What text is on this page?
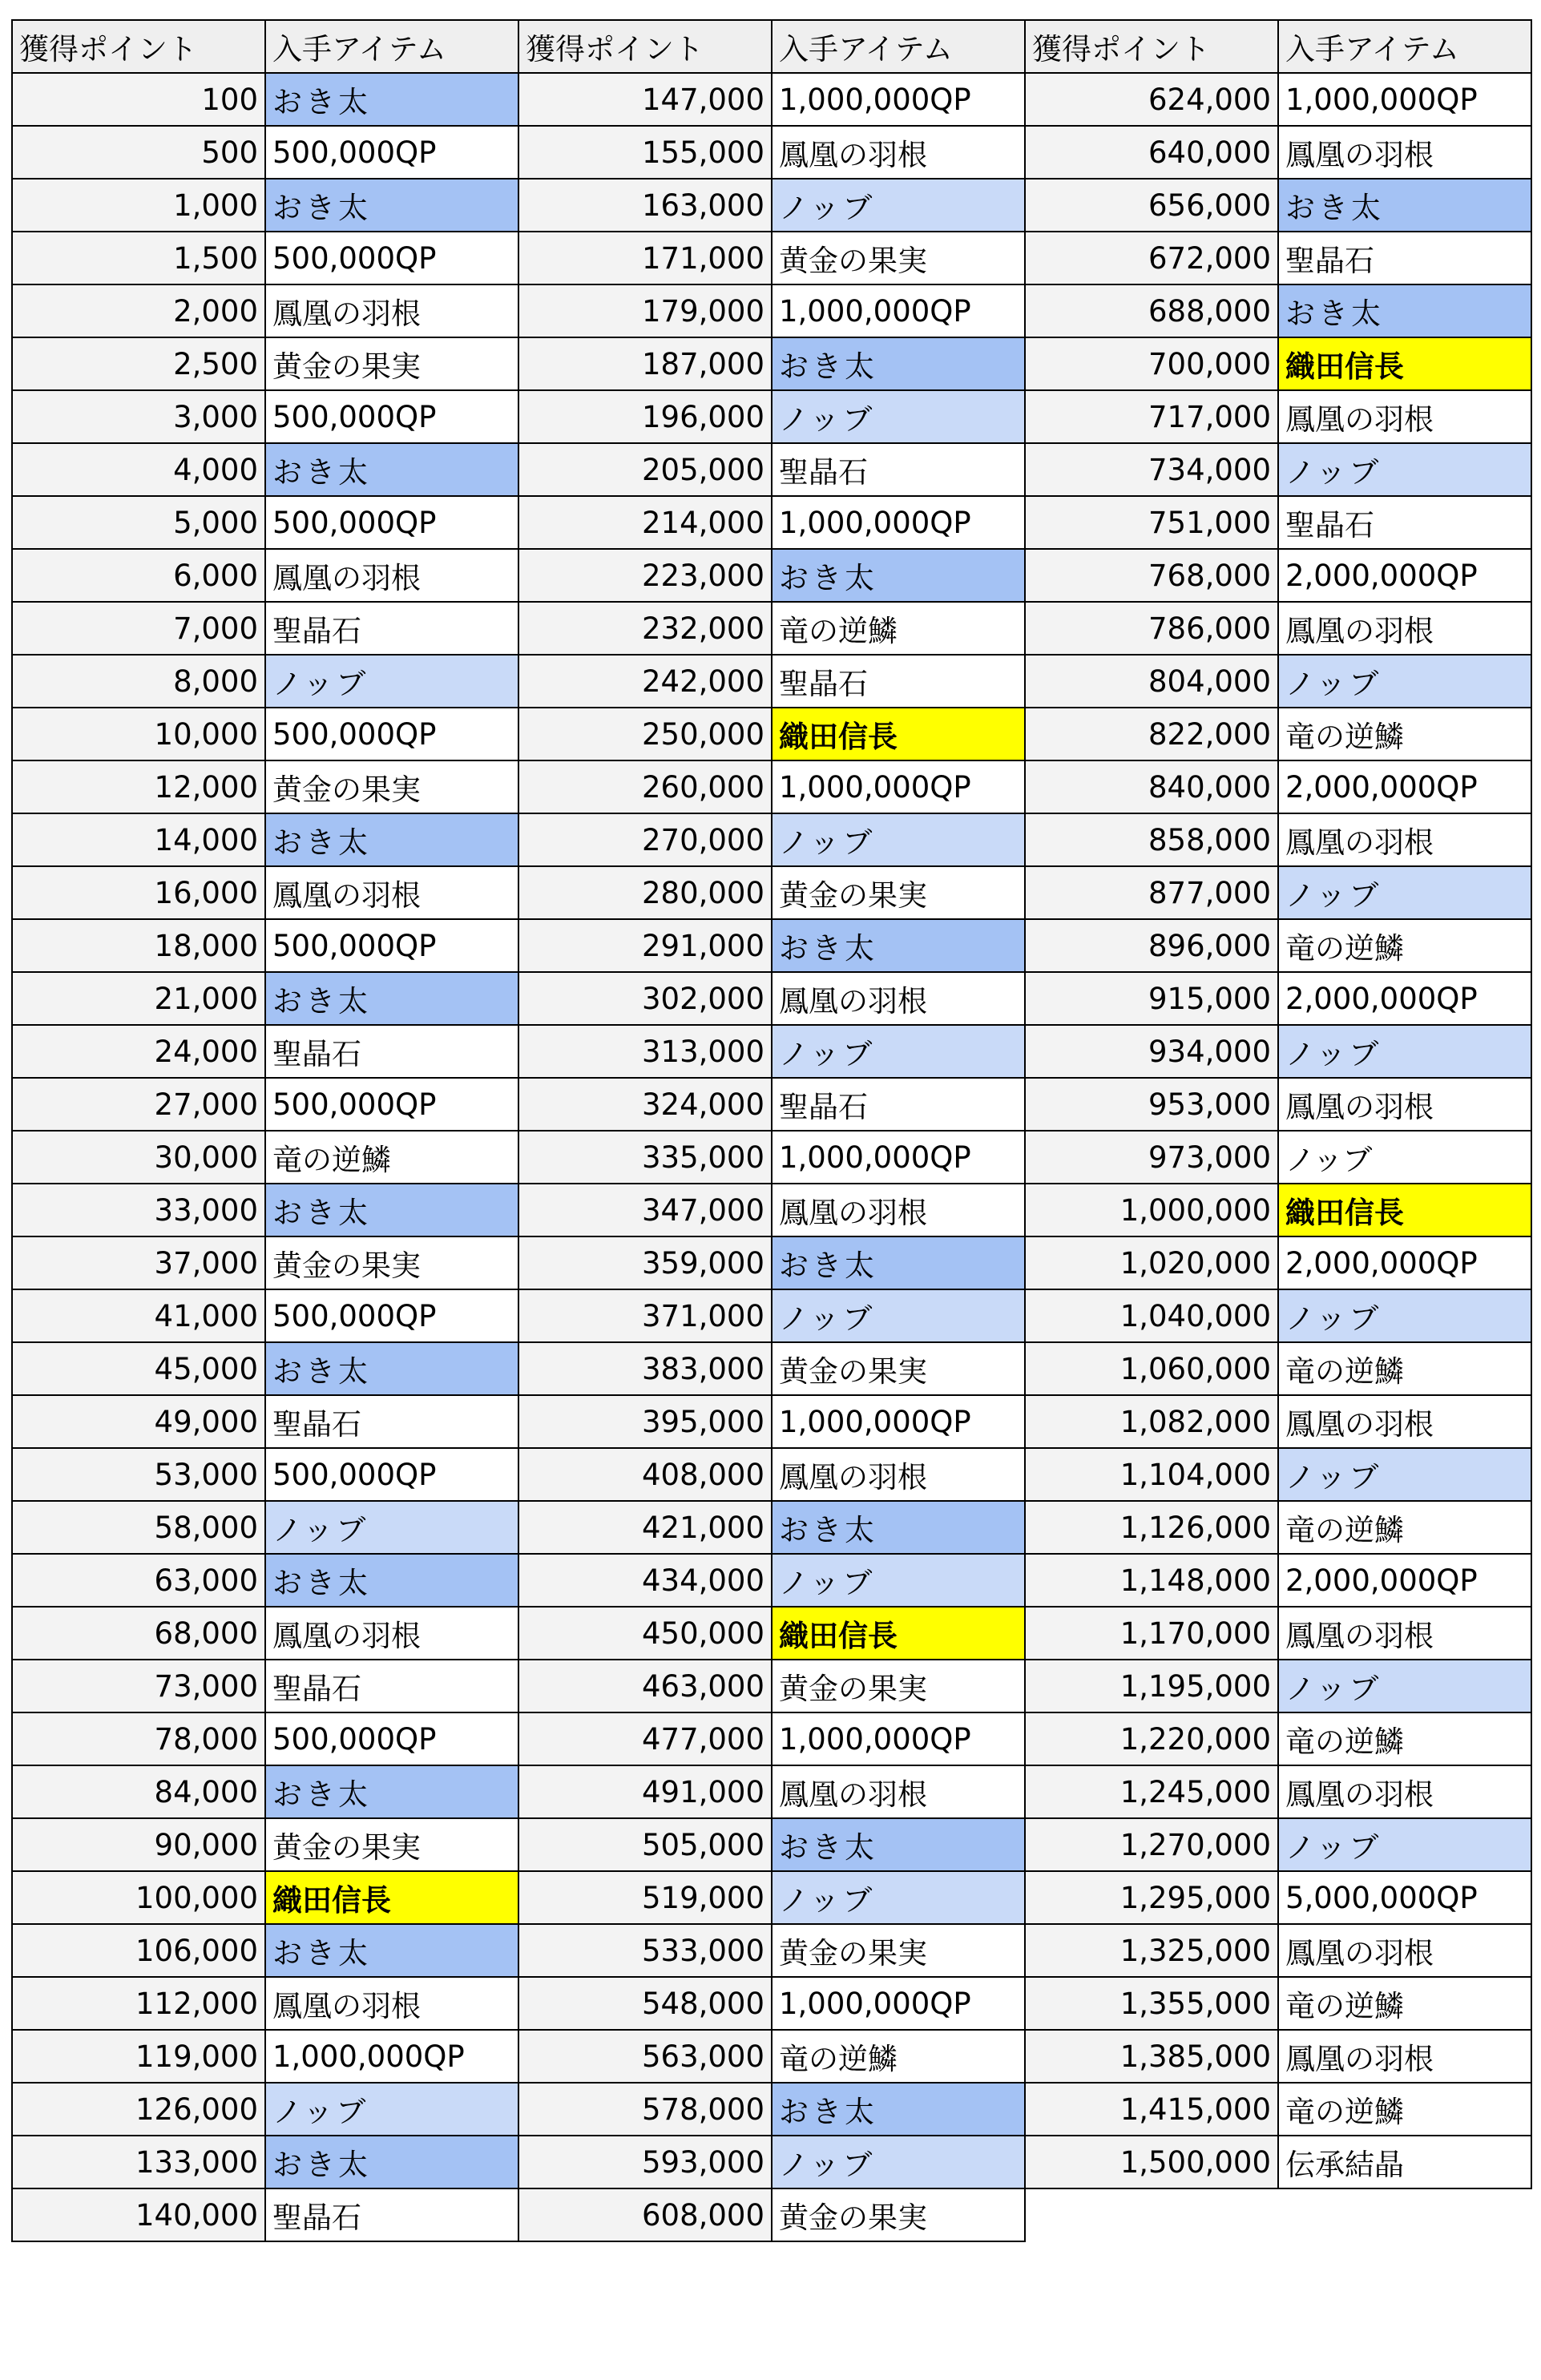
獲得ポイント	入手アイテム	獲得ポイント	入手アイテム	獲得ポイント	入手アイテム
100	おき太	147,000	1,000,000QP	624,000	1,000,000QP
500	500,000QP	155,000	鳳凰の羽根	640,000	鳳凰の羽根
1,000	おき太	163,000	ノッブ	656,000	おき太
1,500	500,000QP	171,000	黄金の果実	672,000	聖晶石
2,000	鳳凰の羽根	179,000	1,000,000QP	688,000	おき太
2,500	黄金の果実	187,000	おき太	700,000	織田信長
3,000	500,000QP	196,000	ノッブ	717,000	鳳凰の羽根
4,000	おき太	205,000	聖晶石	734,000	ノッブ
5,000	500,000QP	214,000	1,000,000QP	751,000	聖晶石
6,000	鳳凰の羽根	223,000	おき太	768,000	2,000,000QP
7,000	聖晶石	232,000	竜の逆鱗	786,000	鳳凰の羽根
8,000	ノッブ	242,000	聖晶石	804,000	ノッブ
10,000	500,000QP	250,000	織田信長	822,000	竜の逆鱗
12,000	黄金の果実	260,000	1,000,000QP	840,000	2,000,000QP
14,000	おき太	270,000	ノッブ	858,000	鳳凰の羽根
16,000	鳳凰の羽根	280,000	黄金の果実	877,000	ノッブ
18,000	500,000QP	291,000	おき太	896,000	竜の逆鱗
21,000	おき太	302,000	鳳凰の羽根	915,000	2,000,000QP
24,000	聖晶石	313,000	ノッブ	934,000	ノッブ
27,000	500,000QP	324,000	聖晶石	953,000	鳳凰の羽根
30,000	竜の逆鱗	335,000	1,000,000QP	973,000	ノッブ
33,000	おき太	347,000	鳳凰の羽根	1,000,000	織田信長
37,000	黄金の果実	359,000	おき太	1,020,000	2,000,000QP
41,000	500,000QP	371,000	ノッブ	1,040,000	ノッブ
45,000	おき太	383,000	黄金の果実	1,060,000	竜の逆鱗
49,000	聖晶石	395,000	1,000,000QP	1,082,000	鳳凰の羽根
53,000	500,000QP	408,000	鳳凰の羽根	1,104,000	ノッブ
58,000	ノッブ	421,000	おき太	1,126,000	竜の逆鱗
63,000	おき太	434,000	ノッブ	1,148,000	2,000,000QP
68,000	鳳凰の羽根	450,000	織田信長	1,170,000	鳳凰の羽根
73,000	聖晶石	463,000	黄金の果実	1,195,000	ノッブ
78,000	500,000QP	477,000	1,000,000QP	1,220,000	竜の逆鱗
84,000	おき太	491,000	鳳凰の羽根	1,245,000	鳳凰の羽根
90,000	黄金の果実	505,000	おき太	1,270,000	ノッブ
100,000	織田信長	519,000	ノッブ	1,295,000	5,000,000QP
106,000	おき太	533,000	黄金の果実	1,325,000	鳳凰の羽根
112,000	鳳凰の羽根	548,000	1,000,000QP	1,355,000	竜の逆鱗
119,000	1,000,000QP	563,000	竜の逆鱗	1,385,000	鳳凰の羽根
126,000	ノッブ	578,000	おき太	1,415,000	竜の逆鱗
133,000	おき太	593,000	ノッブ	1,500,000	伝承結晶
140,000	聖晶石	608,000	黄金の果実		
